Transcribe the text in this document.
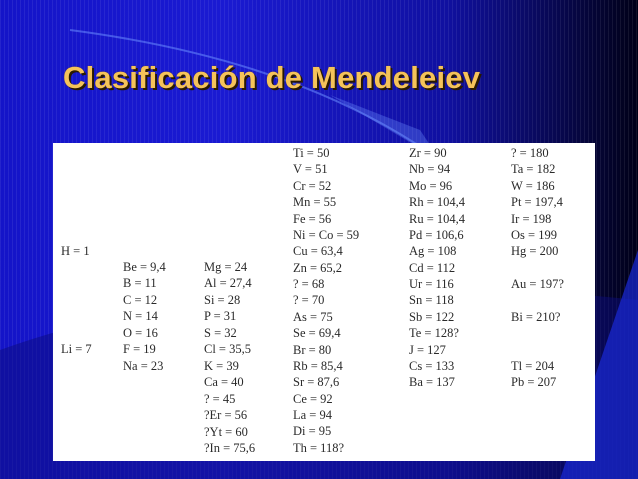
Clasificación de Mendeleiev
H = 1
Li = 7
Be = 9,4
B = 11
C = 12
N = 14
O = 16
F = 19
Na = 23
Mg = 24
Al = 27,4
Si = 28
P = 31
S = 32
Cl = 35,5
K = 39
Ca = 40
? = 45
?Er = 56
?Yt = 60
?In = 75,6
Ti = 50
V = 51
Cr = 52
Mn = 55
Fe = 56
Ni = Co = 59
Cu = 63,4
Zn = 65,2
? = 68
? = 70
As = 75
Se = 69,4
Br = 80
Rb = 85,4
Sr = 87,6
Ce = 92
La = 94
Di = 95
Th = 118?
Zr = 90
Nb = 94
Mo = 96
Rh = 104,4
Ru = 104,4
Pd = 106,6
Ag = 108
Cd = 112
Ur = 116
Sn = 118
Sb = 122
Te = 128?
J = 127
Cs = 133
Ba = 137
? = 180
Ta = 182
W = 186
Pt = 197,4
Ir = 198
Os = 199
Hg = 200
Au = 197?
Bi = 210?
Tl = 204
Pb = 207
